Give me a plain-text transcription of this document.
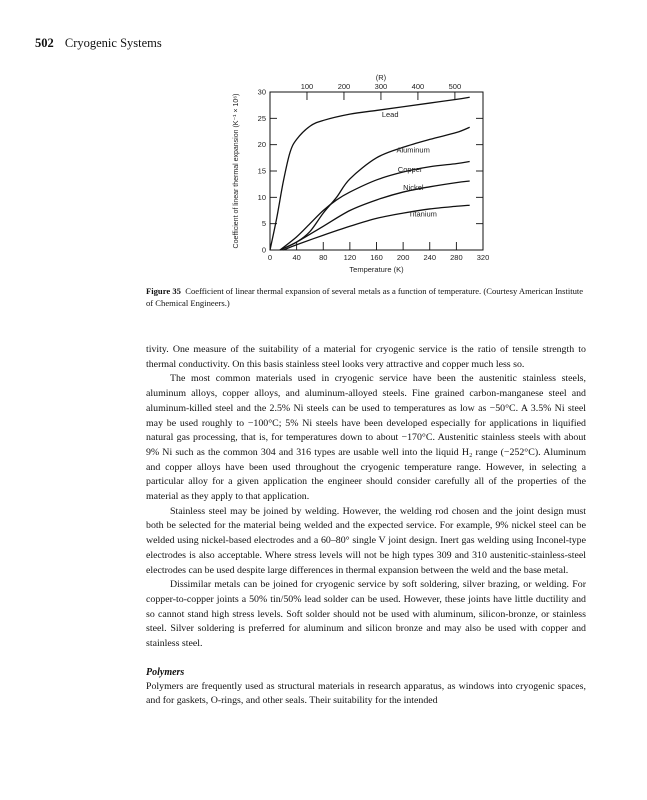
502 Cryogenic Systems
0	40 80 120 160 200 240 280 320
0
5
10
15
20
25
30
100	200	300	400	500
(R)
Temperature (K)
Coefficient of linear thermal expansion (K⁻¹ × 10⁶)	Lead
Aluminum
Copper
Nickel
Titanium
Figure 35 Coefficient of linear thermal expansion of several metals as a function of temperature. (Courtesy American Institute of Chemical Engineers.)

tivity. One measure of the suitability of a material for cryogenic service is the ratio of tensile strength to thermal conductivity. On this basis stainless steel looks very attractive and copper much less so.

The most common materials used in cryogenic service have been the austenitic stainless steels, aluminum alloys, copper alloys, and aluminum-alloyed steels. Fine grained carbon-manganese steel and aluminum-killed steel and the 2.5% Ni steels can be used to temperatures as low as −50°C. A 3.5% Ni steel may be used roughly to −100°C; 5% Ni steels have been developed especially for applications in liquified natural gas processing, that is, for temperatures down to about −170°C. Austenitic stainless steels with about 9% Ni such as the common 304 and 316 types are usable well into the liquid H₂ range (−252°C). Aluminum and copper alloys have been used throughout the cryogenic temperature range. However, in selecting a particular alloy for a given application the engineer should consider carefully all of the properties of the material as they apply to that application.

Stainless steel may be joined by welding. However, the welding rod chosen and the joint design must both be selected for the material being welded and the expected service. For example, 9% nickel steel can be welded using nickel-based electrodes and a 60–80° single V joint design. Inert gas welding using Inconel-type electrodes is also acceptable. Where stress levels will not be high types 309 and 310 austenitic-stainless-steel electrodes can be used despite large differences in thermal expansion between the weld and the base metal.

Dissimilar metals can be joined for cryogenic service by soft soldering, silver brazing, or welding. For copper-to-copper joints a 50% tin/50% lead solder can be used. However, these joints have little ductility and so cannot stand high stress levels. Soft solder should not be used with aluminum, silicon-bronze, or stainless steel. Silver soldering is preferred for aluminum and silicon bronze and may also be used with copper and stainless steel.

Polymers

Polymers are frequently used as structural materials in research apparatus, as windows into cryogenic spaces, and for gaskets, O-rings, and other seals. Their suitability for the intended
